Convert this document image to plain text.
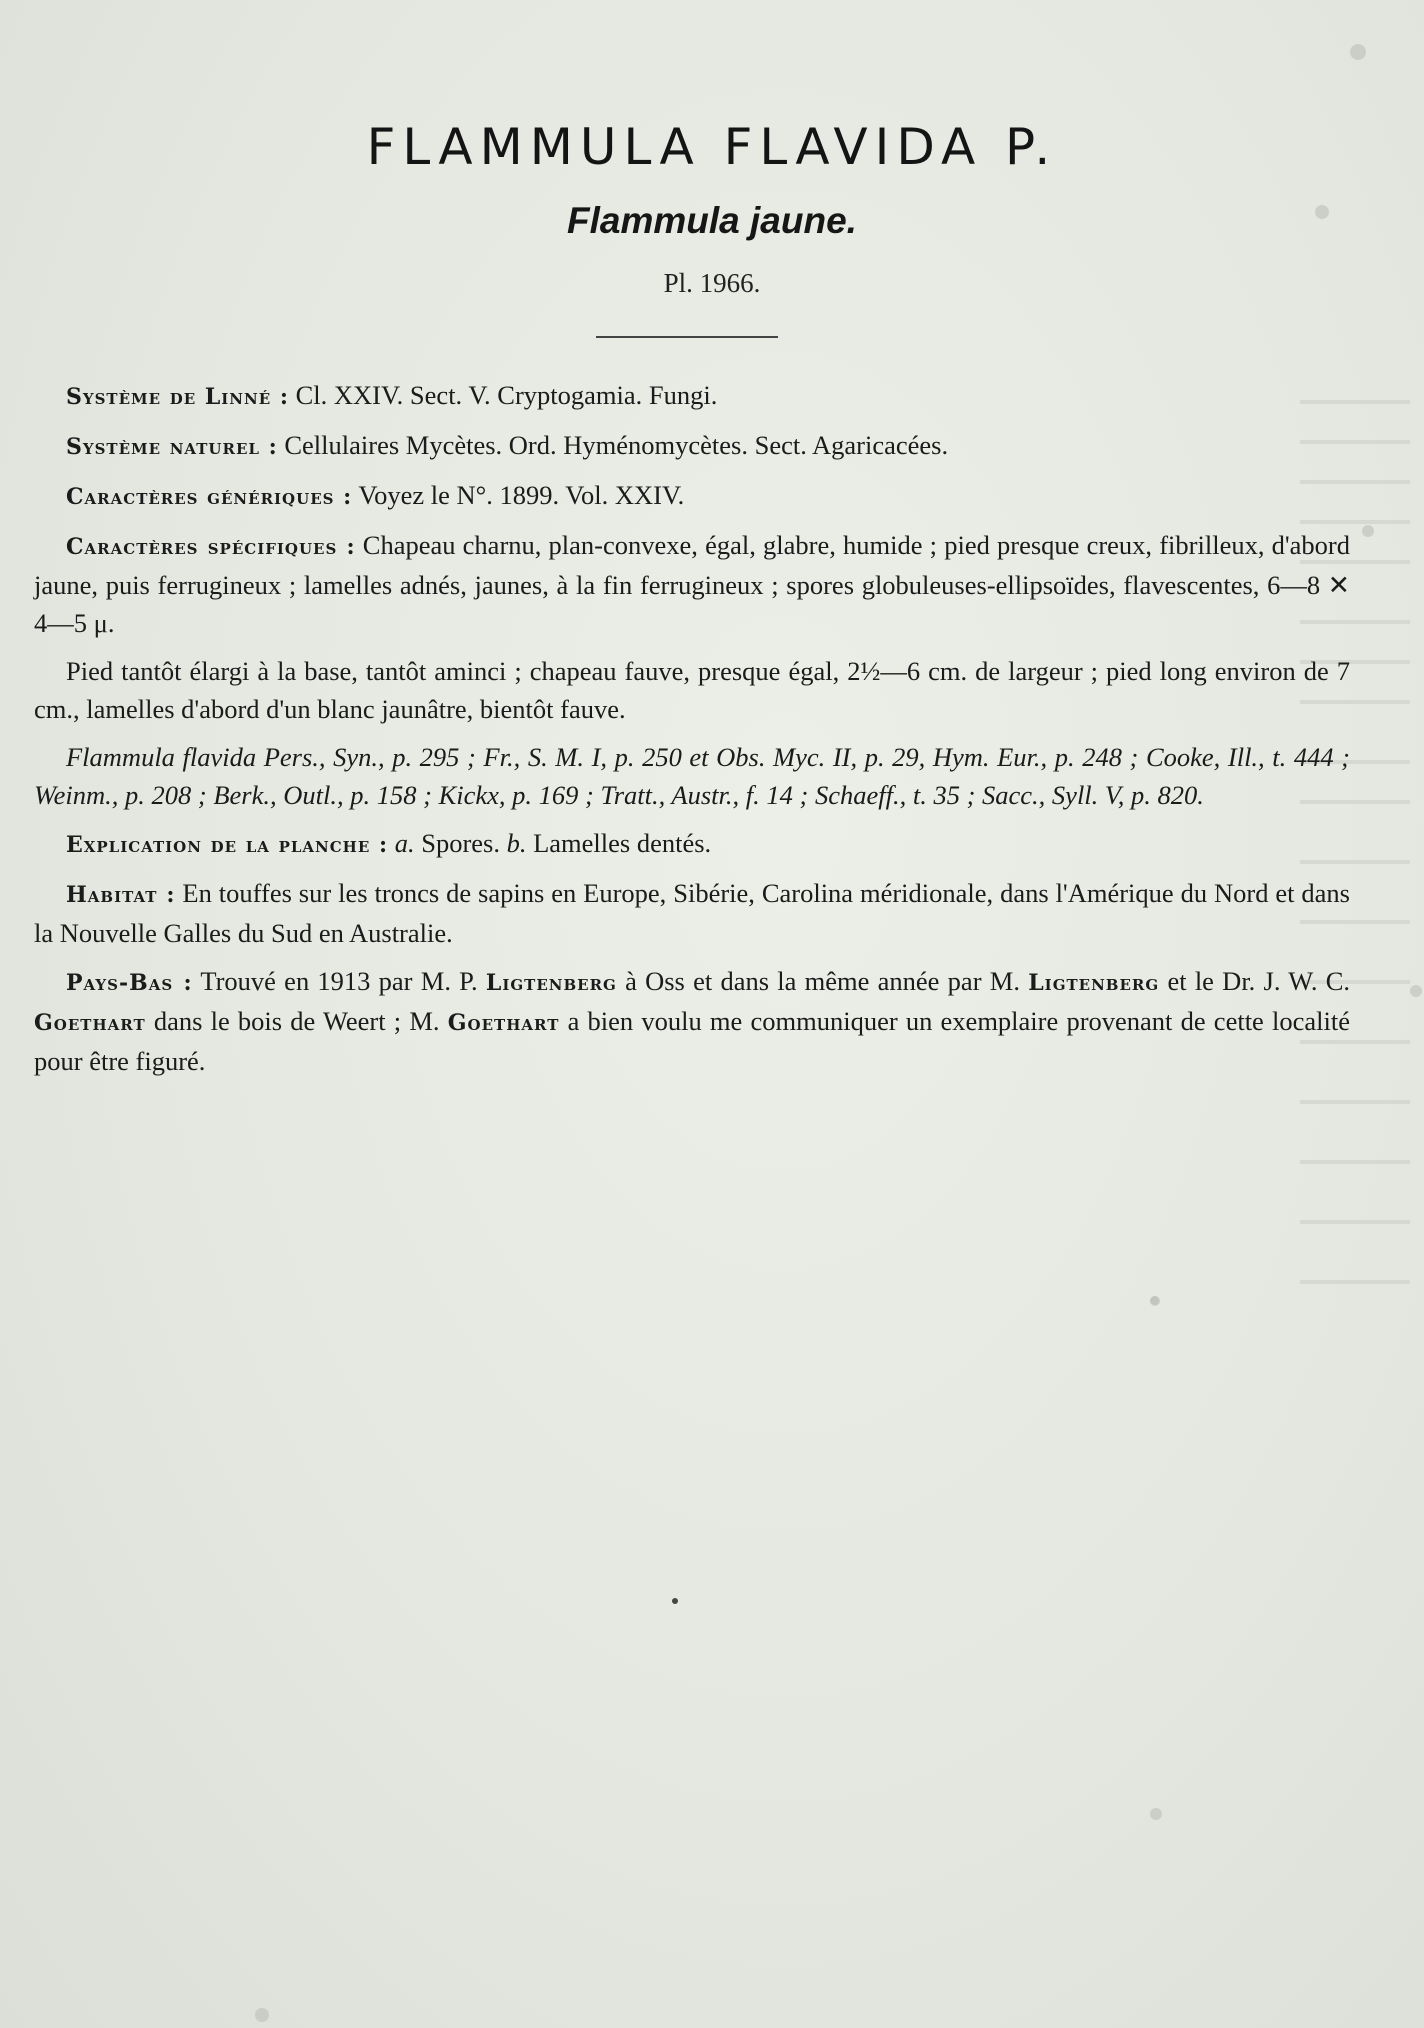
FLAMMULA FLAVIDA P.
Flammula jaune.
Pl. 1966.

Système de Linné : Cl. XXIV. Sect. V. Cryptogamia. Fungi.

Système naturel : Cellulaires Mycètes. Ord. Hyménomycètes. Sect. Agaricacées.

Caractères génériques : Voyez le N°. 1899. Vol. XXIV.

Caractères spécifiques : Chapeau charnu, plan-convexe, égal, glabre, humide ; pied presque creux, fibrilleux, d'abord jaune, puis ferrugineux ; lamelles adnés, jaunes, à la fin ferrugineux ; spores globuleuses-ellipsoïdes, flavescentes, 6—8 ✕ 4—5 μ.

Pied tantôt élargi à la base, tantôt aminci ; chapeau fauve, presque égal, 2½—6 cm. de largeur ; pied long environ de 7 cm., lamelles d'abord d'un blanc jaunâtre, bientôt fauve.

Flammula flavida Pers., Syn., p. 295 ; Fr., S. M. I, p. 250 et Obs. Myc. II, p. 29, Hym. Eur., p. 248 ; Cooke, Ill., t. 444 ; Weinm., p. 208 ; Berk., Outl., p. 158 ; Kickx, p. 169 ; Tratt., Austr., f. 14 ; Schaeff., t. 35 ; Sacc., Syll. V, p. 820.

Explication de la planche : a. Spores. b. Lamelles dentés.

Habitat : En touffes sur les troncs de sapins en Europe, Sibérie, Carolina méridionale, dans l'Amérique du Nord et dans la Nouvelle Galles du Sud en Australie.

Pays-Bas : Trouvé en 1913 par M. P. Ligtenberg à Oss et dans la même année par M. Ligtenberg et le Dr. J. W. C. Goethart dans le bois de Weert ; M. Goethart a bien voulu me communiquer un exemplaire provenant de cette localité pour être figuré.
